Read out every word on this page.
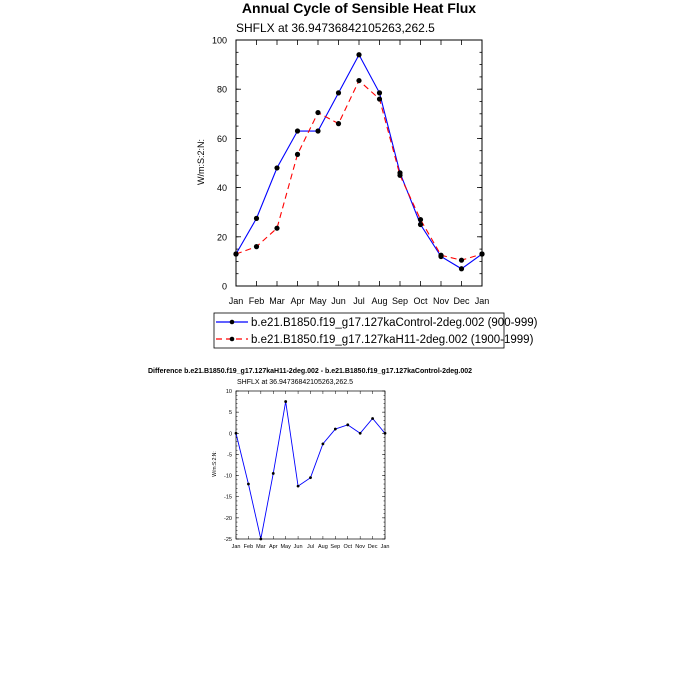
Annual Cycle of Sensible Heat Flux
SHFLX at 36.94736842105263,262.5
W/m:S:2:N:
0
20
40
60
80
100
Jan Feb Mar Apr May Jun Jul Aug Sep Oct Nov Dec Jan
b.e21.B1850.f19_g17.127kaControl-2deg.002 (900-999)
b.e21.B1850.f19_g17.127kaH11-2deg.002 (1900-1999)
Difference b.e21.B1850.f19_g17.127kaH11-2deg.002 - b.e21.B1850.f19_g17.127kaControl-2deg.002
SHFLX at 36.94736842105263,262.5
W/m:S:2:N:
-25
-20
-15
-10
-5
0
5
10
Jan Feb Mar Apr May Jun Jul Aug Sep Oct Nov Dec Jan
